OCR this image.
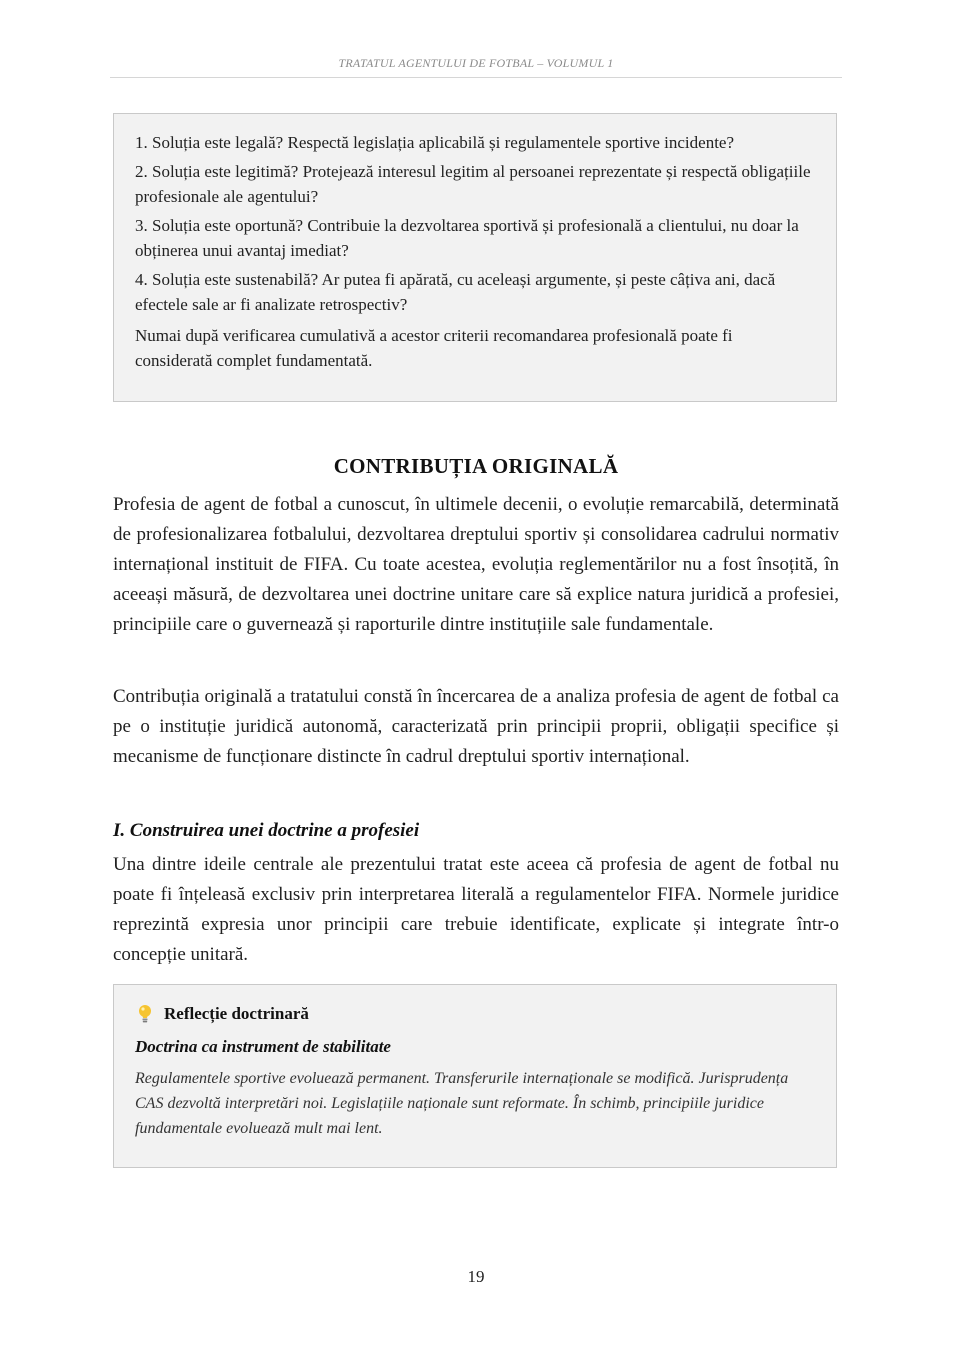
TRATATUL AGENTULUI DE FOTBAL – VOLUMUL 1

1. Soluția este legală? Respectă legislația aplicabilă și regulamentele sportive incidente?

2. Soluția este legitimă? Protejează interesul legitim al persoanei reprezentate și respectă obligațiile profesionale ale agentului?

3. Soluția este oportună? Contribuie la dezvoltarea sportivă și profesională a clientului, nu doar la obținerea unui avantaj imediat?

4. Soluția este sustenabilă? Ar putea fi apărată, cu aceleași argumente, și peste câțiva ani, dacă efectele sale ar fi analizate retrospectiv?

Numai după verificarea cumulativă a acestor criterii recomandarea profesională poate fi considerată complet fundamentată.

CONTRIBUȚIA ORIGINALĂ

Profesia de agent de fotbal a cunoscut, în ultimele decenii, o evoluție remarcabilă, determinată de profesionalizarea fotbalului, dezvoltarea dreptului sportiv și consolidarea cadrului normativ internațional instituit de FIFA. Cu toate acestea, evoluția reglementărilor nu a fost însoțită, în aceeași măsură, de dezvoltarea unei doctrine unitare care să explice natura juridică a profesiei, principiile care o guvernează și raporturile dintre instituțiile sale fundamentale.

Contribuția originală a tratatului constă în încercarea de a analiza profesia de agent de fotbal ca pe o instituție juridică autonomă, caracterizată prin principii proprii, obligații specifice și mecanisme de funcționare distincte în cadrul dreptului sportiv internațional.

I. Construirea unei doctrine a profesiei

Una dintre ideile centrale ale prezentului tratat este aceea că profesia de agent de fotbal nu poate fi înțeleasă exclusiv prin interpretarea literală a regulamentelor FIFA. Normele juridice reprezintă expresia unor principii care trebuie identificate, explicate și integrate într-o concepție unitară.

Reflecție doctrinară
Doctrina ca instrument de stabilitate
Regulamentele sportive evoluează permanent. Transferurile internaționale se modifică. Jurisprudența CAS dezvoltă interpretări noi. Legislațiile naționale sunt reformate. În schimb, principiile juridice fundamentale evoluează mult mai lent.
19
